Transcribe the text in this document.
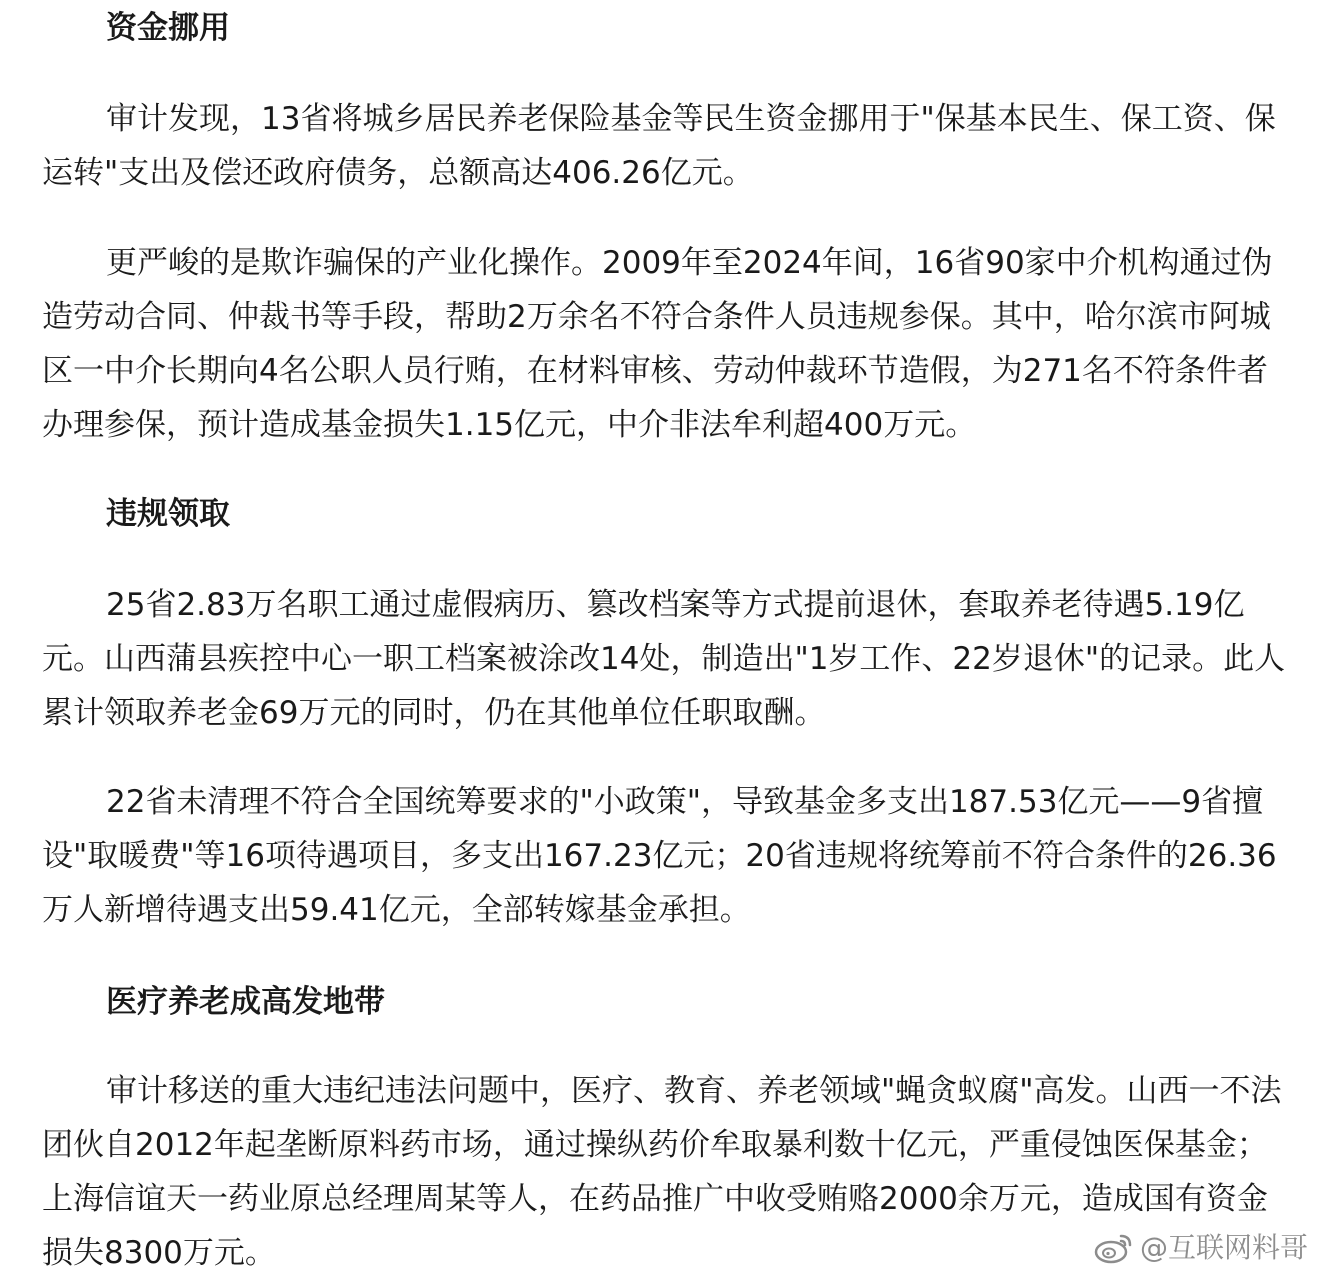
资金挪用
审计发现，13省将城乡居民养老保险基金等民生资金挪用于"保基本民生、保工资、保运转"支出及偿还政府债务，总额高达406.26亿元。
更严峻的是欺诈骗保的产业化操作。2009年至2024年间，16省90家中介机构通过伪造劳动合同、仲裁书等手段，帮助2万余名不符合条件人员违规参保。其中，哈尔滨市阿城区一中介长期向4名公职人员行贿，在材料审核、劳动仲裁环节造假，为271名不符条件者办理参保，预计造成基金损失1.15亿元，中介非法牟利超400万元。
违规领取
25省2.83万名职工通过虚假病历、篡改档案等方式提前退休，套取养老待遇5.19亿元。山西蒲县疾控中心一职工档案被涂改14处，制造出"1岁工作、22岁退休"的记录。此人累计领取养老金69万元的同时，仍在其他单位任职取酬。
22省未清理不符合全国统筹要求的"小政策"，导致基金多支出187.53亿元——9省擅设"取暖费"等16项待遇项目，多支出167.23亿元；20省违规将统筹前不符合条件的26.36万人新增待遇支出59.41亿元，全部转嫁基金承担。
医疗养老成高发地带
审计移送的重大违纪违法问题中，医疗、教育、养老领域"蝇贪蚁腐"高发。山西一不法团伙自2012年起垄断原料药市场，通过操纵药价牟取暴利数十亿元，严重侵蚀医保基金；上海信谊天一药业原总经理周某等人，在药品推广中收受贿赂2000余万元，造成国有资金损失8300万元。	@互联网料哥
